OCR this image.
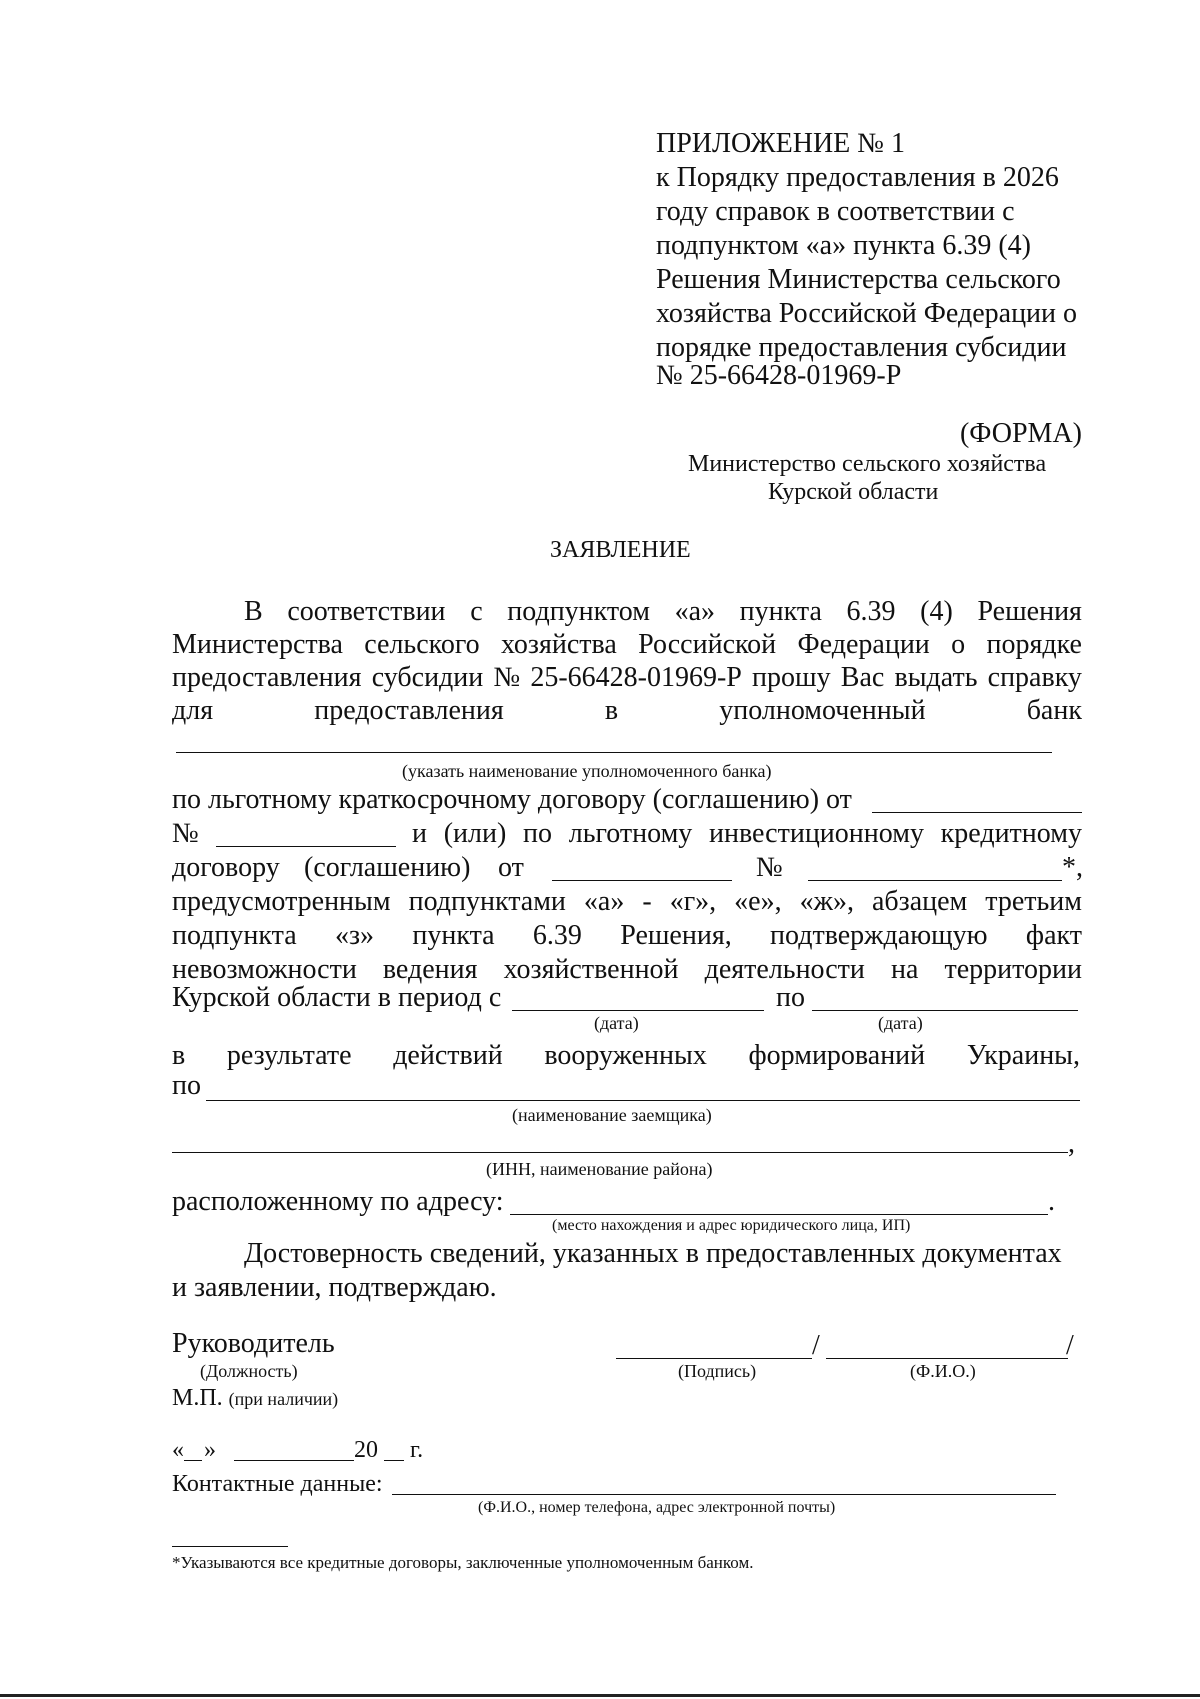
ПРИЛОЖЕНИЕ № 1
к Порядку предоставления в 2026
году справок в соответствии с
подпунктом «а» пункта 6.39 (4)
Решения Министерства сельского
хозяйства Российской Федерации о
порядке предоставления субсидии
№ 25-66428-01969-Р
(ФОРМА)
Министерство сельского хозяйства
Курской области
ЗАЯВЛЕНИЕ
В соответствии с подпунктом «а» пункта 6.39 (4) Решения
Министерства сельского хозяйства Российской Федерации о порядке
предоставления субсидии № 25-66428-01969-Р прошу Вас выдать справку
для	предоставления	в	уполномоченный	банк
(указать наименование уполномоченного банка)
по льготному краткосрочному договору (соглашению) от
№	и (или) по льготному инвестиционному кредитному
договору (соглашению) от	№	*,
предусмотренным подпунктами «а» - «г», «е», «ж», абзацем третьим
подпункта «з» пункта 6.39 Решения, подтверждающую факт
невозможности ведения хозяйственной деятельности на территории
Курской области в период с	по
(дата)	(дата)
в результате действий вооруженных формирований Украины,
по
(наименование заемщика)
,
(ИНН, наименование района)
расположенному по адресу:	.
(место нахождения и адрес юридического лица, ИП)
Достоверность сведений, указанных в предоставленных документах
и заявлении, подтверждаю.
Руководитель	/	/
(Должность)	(Подпись)	(Ф.И.О.)
М.П. (при наличии)
« »	20 г.
Контактные данные:
(Ф.И.О., номер телефона, адрес электронной почты)
*Указываются все кредитные договоры, заключенные уполномоченным банком.
